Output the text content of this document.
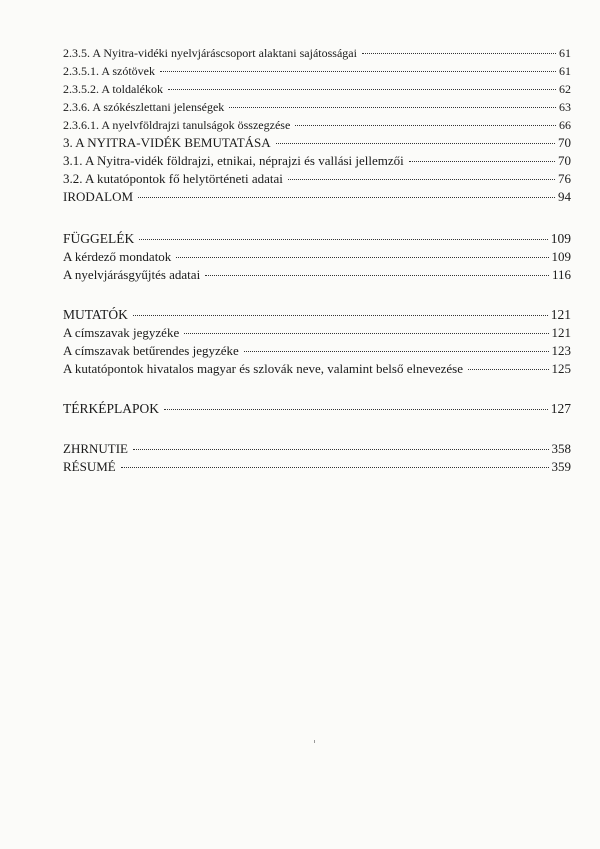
2.3.5. A Nyitra-vidéki nyelvjáráscsoport alaktani sajátosságai	61
2.3.5.1. A szótövek	61
2.3.5.2. A toldalékok	62
2.3.6. A szókészlettani jelenségek	63
2.3.6.1. A nyelvföldrajzi tanulságok összegzése	66
3. A NYITRA-VIDÉK BEMUTATÁSA	70
3.1. A Nyitra-vidék földrajzi, etnikai, néprajzi és vallási jellemzői	70
3.2. A kutatópontok fő helytörténeti adatai	76
IRODALOM	94
FÜGGELÉK	109
A kérdező mondatok	109
A nyelvjárásgyűjtés adatai	116
MUTATÓK	121
A címszavak jegyzéke	121
A címszavak betűrendes jegyzéke	123
A kutatópontok hivatalos magyar és szlovák neve, valamint belső elnevezése	125
TÉRKÉPLAPOK	127
ZHRNUTIE	358
RÉSUMÉ	359
